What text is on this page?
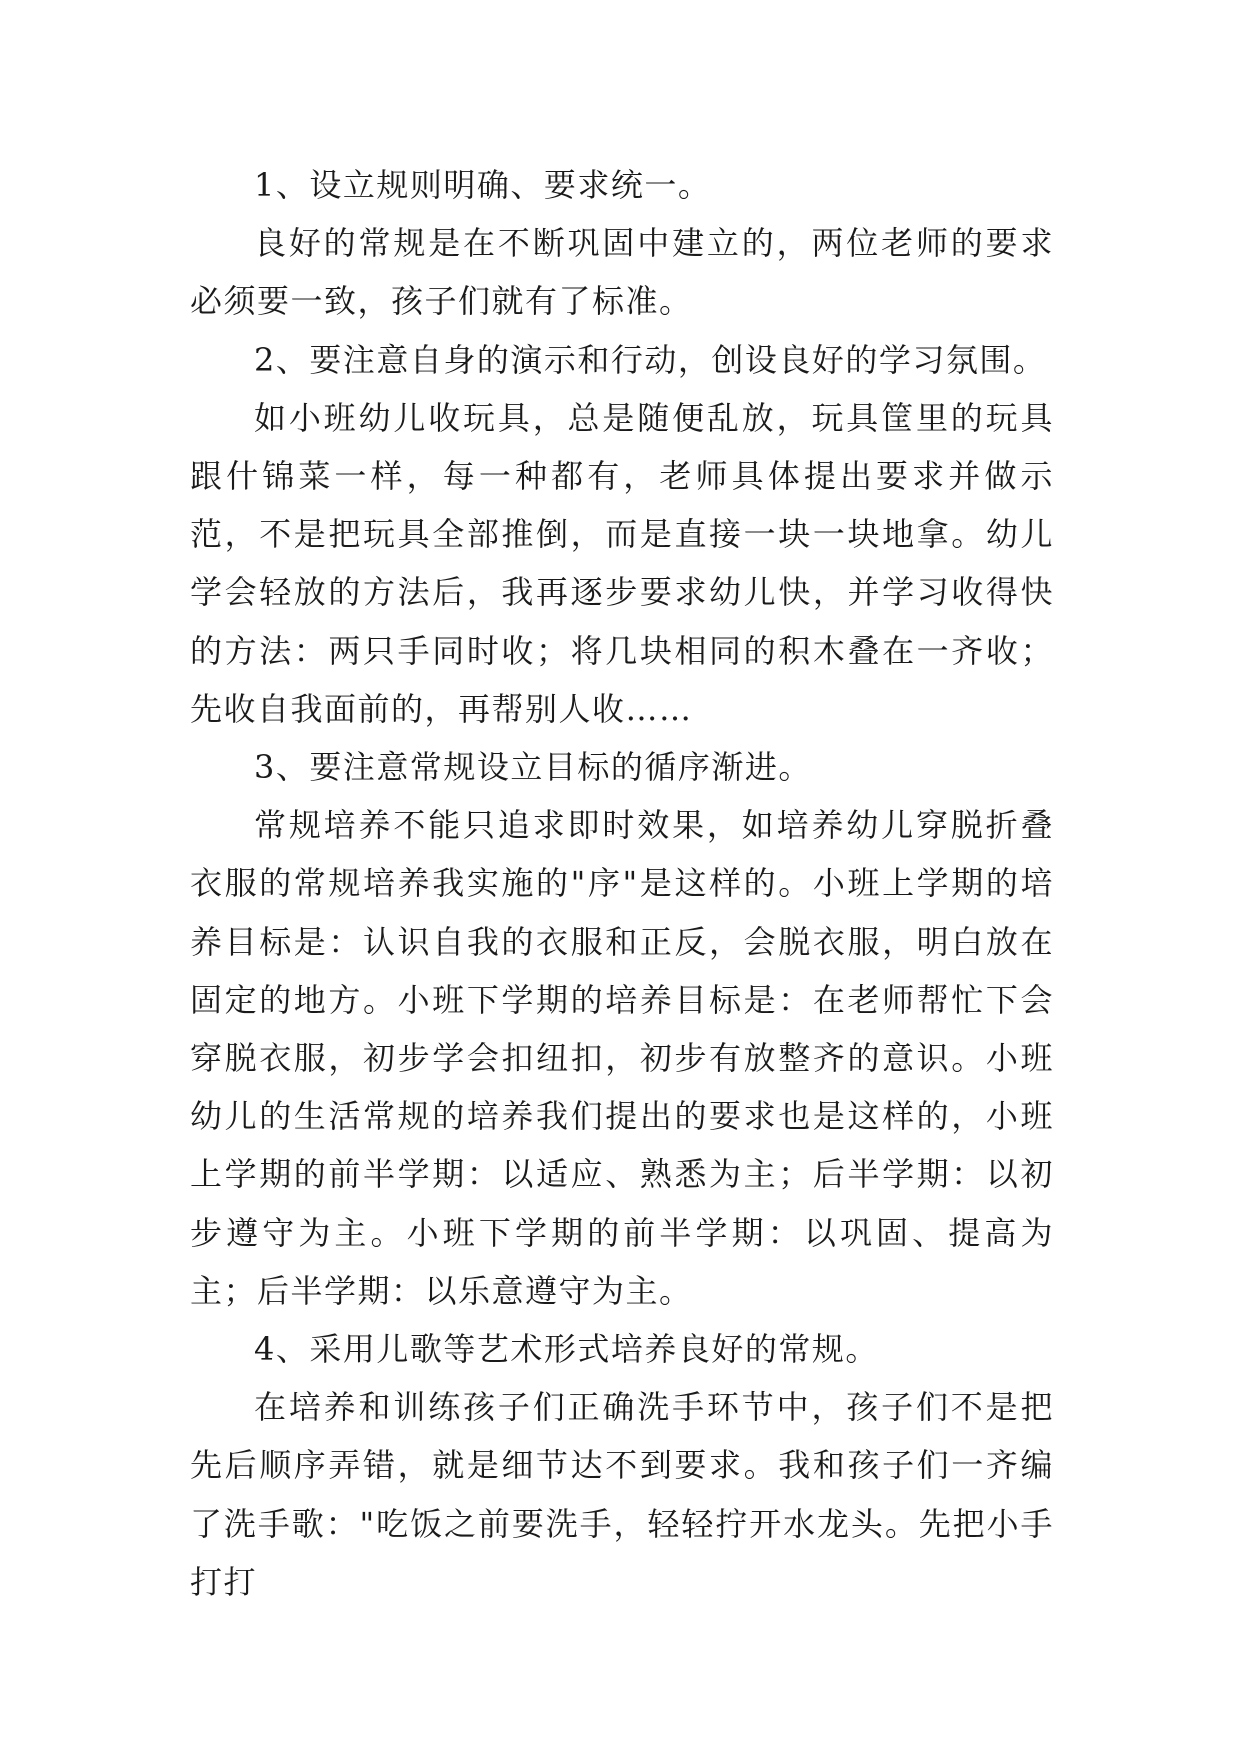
1、设立规则明确、要求统一。

良好的常规是在不断巩固中建立的，两位老师的要求必须要一致，孩子们就有了标准。

2、要注意自身的演示和行动，创设良好的学习氛围。

如小班幼儿收玩具，总是随便乱放，玩具筐里的玩具跟什锦菜一样，每一种都有，老师具体提出要求并做示范，不是把玩具全部推倒，而是直接一块一块地拿。幼儿学会轻放的方法后，我再逐步要求幼儿快，并学习收得快的方法：两只手同时收；将几块相同的积木叠在一齐收；先收自我面前的，再帮别人收……

3、要注意常规设立目标的循序渐进。

常规培养不能只追求即时效果，如培养幼儿穿脱折叠衣服的常规培养我实施的"序"是这样的。小班上学期的培养目标是：认识自我的衣服和正反，会脱衣服，明白放在固定的地方。小班下学期的培养目标是：在老师帮忙下会穿脱衣服，初步学会扣纽扣，初步有放整齐的意识。小班幼儿的生活常规的培养我们提出的要求也是这样的，小班上学期的前半学期：以适应、熟悉为主；后半学期：以初步遵守为主。小班下学期的前半学期：以巩固、提高为主；后半学期：以乐意遵守为主。

4、采用儿歌等艺术形式培养良好的常规。

在培养和训练孩子们正确洗手环节中，孩子们不是把先后顺序弄错，就是细节达不到要求。我和孩子们一齐编了洗手歌："吃饭之前要洗手，轻轻拧开水龙头。先把小手打打
